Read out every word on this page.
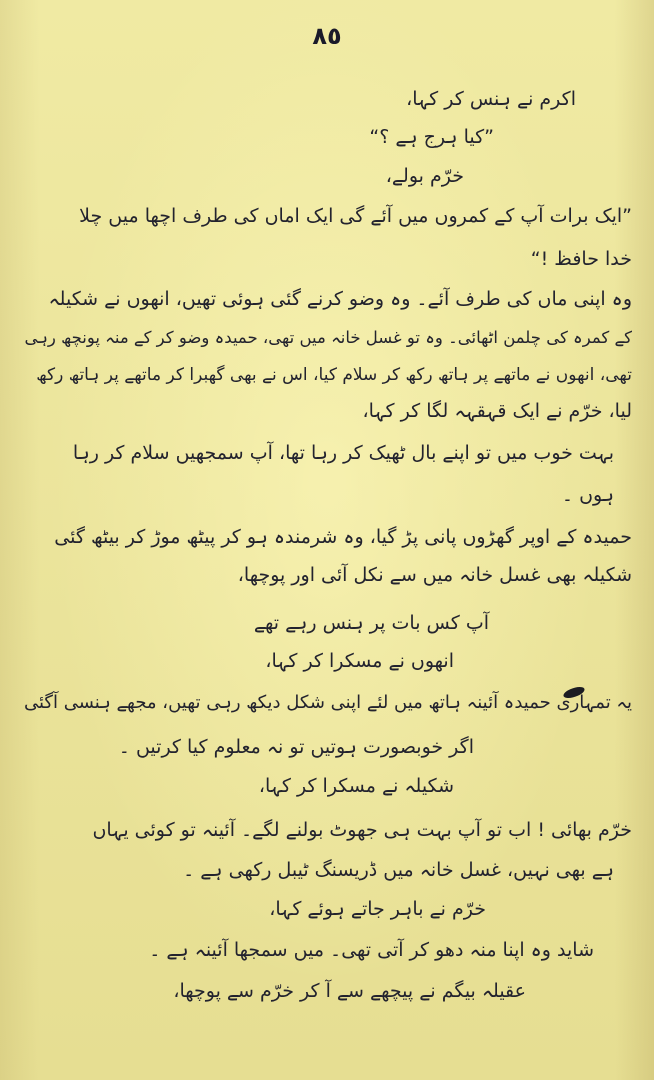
٨٥
اکرم نے ہنس کر کہا،
”کیا ہرج ہے ؟“
خرّم بولے،
”ایک برات آپ کے کمروں میں آئے گی ایک اماں کی طرف اچھا میں چلا
خدا حافظ !“
وہ اپنی ماں کی طرف آئے۔ وہ وضو کرنے گئی ہوئی تھیں، انھوں نے شکیلہ
کے کمرہ کی چلمن اٹھائی۔ وہ تو غسل خانہ میں تھی، حمیدہ وضو کر کے منہ پونچھ رہی
تھی، انھوں نے ماتھے پر ہاتھ رکھ کر سلام کیا، اس نے بھی گھبرا کر ماتھے پر ہاتھ رکھ
لیا، خرّم نے ایک قہقہہ لگا کر کہا،
بہت خوب میں تو اپنے بال ٹھیک کر رہا تھا، آپ سمجھیں سلام کر رہا
ہوں ۔
حمیدہ کے اوپر گھڑوں پانی پڑ گیا، وہ شرمندہ ہو کر پیٹھ موڑ کر بیٹھ گئی
شکیلہ بھی غسل خانہ میں سے نکل آئی اور پوچھا،
آپ کس بات پر ہنس رہے تھے
انھوں نے مسکرا کر کہا،
یہ تمہاری حمیدہ آئینہ ہاتھ میں لئے اپنی شکل دیکھ رہی تھیں، مجھے ہنسی آگئی
اگر خوبصورت ہوتیں تو نہ معلوم کیا کرتیں ۔
شکیلہ نے مسکرا کر کہا،
خرّم بھائی ! اب تو آپ بہت ہی جھوٹ بولنے لگے۔ آئینہ تو کوئی یہاں
ہے بھی نہیں، غسل خانہ میں ڈریسنگ ٹیبل رکھی ہے ۔
خرّم نے باہر جاتے ہوئے کہا،
شاید وہ اپنا منہ دھو کر آتی تھی۔ میں سمجھا آئینہ ہے ۔
عقیلہ بیگم نے پیچھے سے آ کر خرّم سے پوچھا،
